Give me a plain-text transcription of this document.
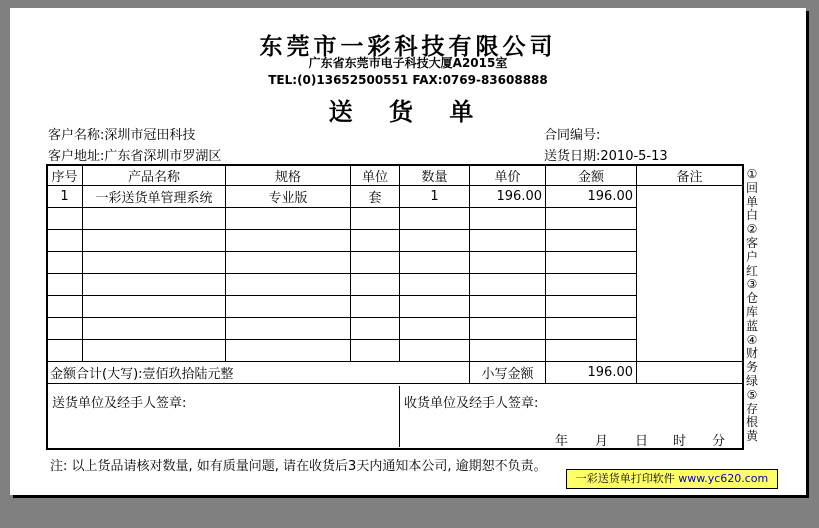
东莞市一彩科技有限公司
广东省东莞市电子科技大厦A2015室
TEL:(0)13652500551 FAX:0769-83608888
送 货 单
客户名称:深圳市冠田科技
客户地址:广东省深圳市罗湖区
合同编号:
送货日期:2010-5-13
序号	产品名称	规格	单位	数量	单价	金额	备注
1	一彩送货单管理系统	专业版	套	1	196.00	196.00	

金额合计(大写):壹佰玖拾陆元整					小写金额	196.00	
送货单位及经手人签章:	收货单位及经手人签章:
年 月 日 时 分
①
回
单
白
②
客
户
红
③
仓
库
蓝
④
财
务
绿
⑤
存
根
黄
注: 以上货品请核对数量, 如有质量问题, 请在收货后3天内通知本公司, 逾期恕不负责。
一彩送货单打印软件 www.yc620.com
